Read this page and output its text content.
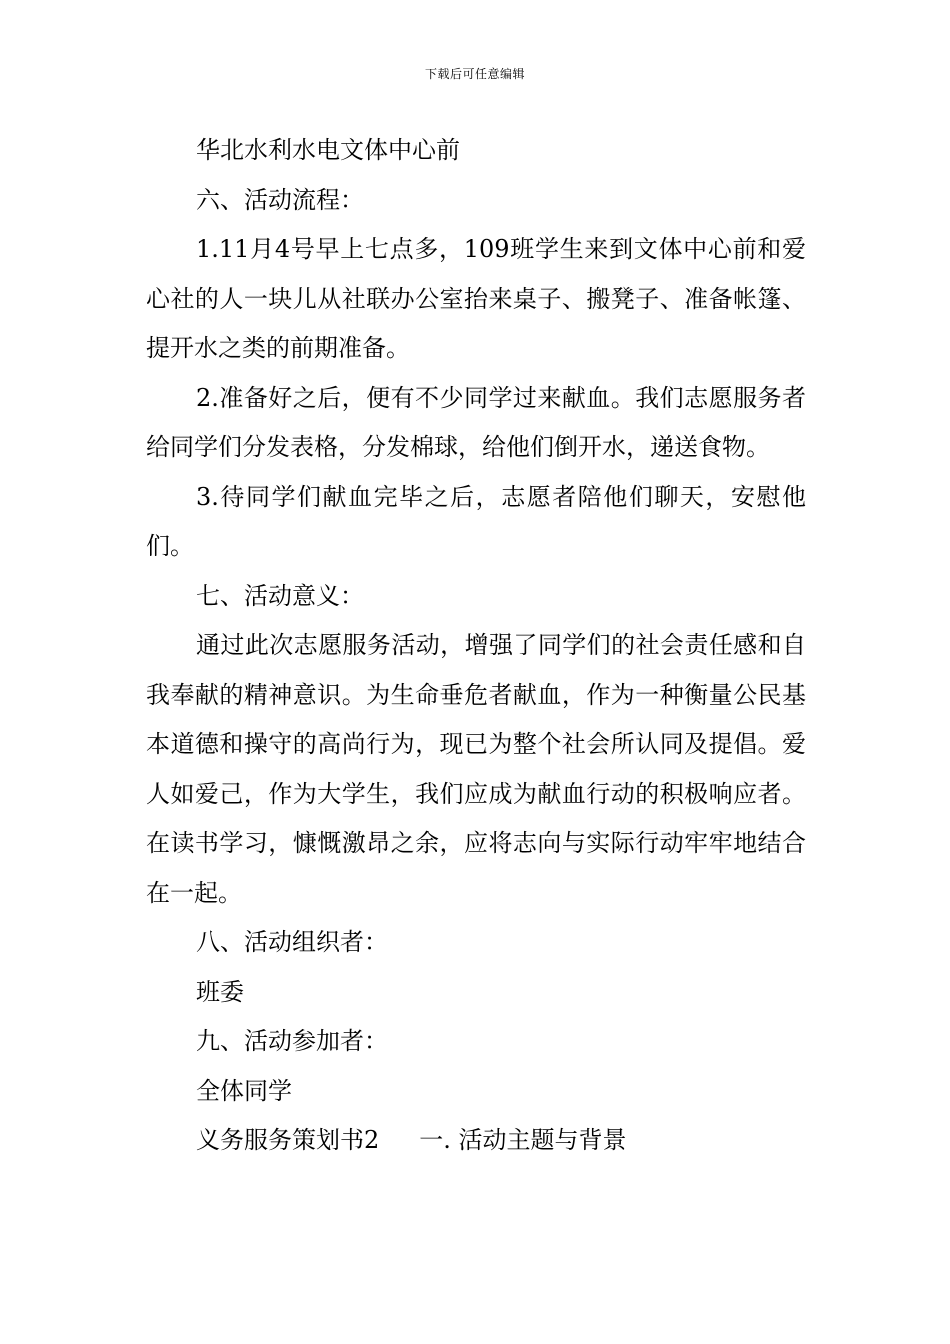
下载后可任意编辑

华北水利水电文体中心前

六、活动流程：

1.11月4号早上七点多，109班学生来到文体中心前和爱心社的人一块儿从社联办公室抬来桌子、搬凳子、准备帐篷、提开水之类的前期准备。

2.准备好之后，便有不少同学过来献血。我们志愿服务者给同学们分发表格，分发棉球，给他们倒开水，递送食物。

3.待同学们献血完毕之后，志愿者陪他们聊天，安慰他们。

七、活动意义：

通过此次志愿服务活动，增强了同学们的社会责任感和自我奉献的精神意识。为生命垂危者献血，作为一种衡量公民基本道德和操守的高尚行为，现已为整个社会所认同及提倡。爱人如爱己，作为大学生，我们应成为献血行动的积极响应者。在读书学习，慷慨激昂之余，应将志向与实际行动牢牢地结合在一起。

八、活动组织者：

班委

九、活动参加者：

全体同学

义务服务策划书2 一. 活动主题与背景
